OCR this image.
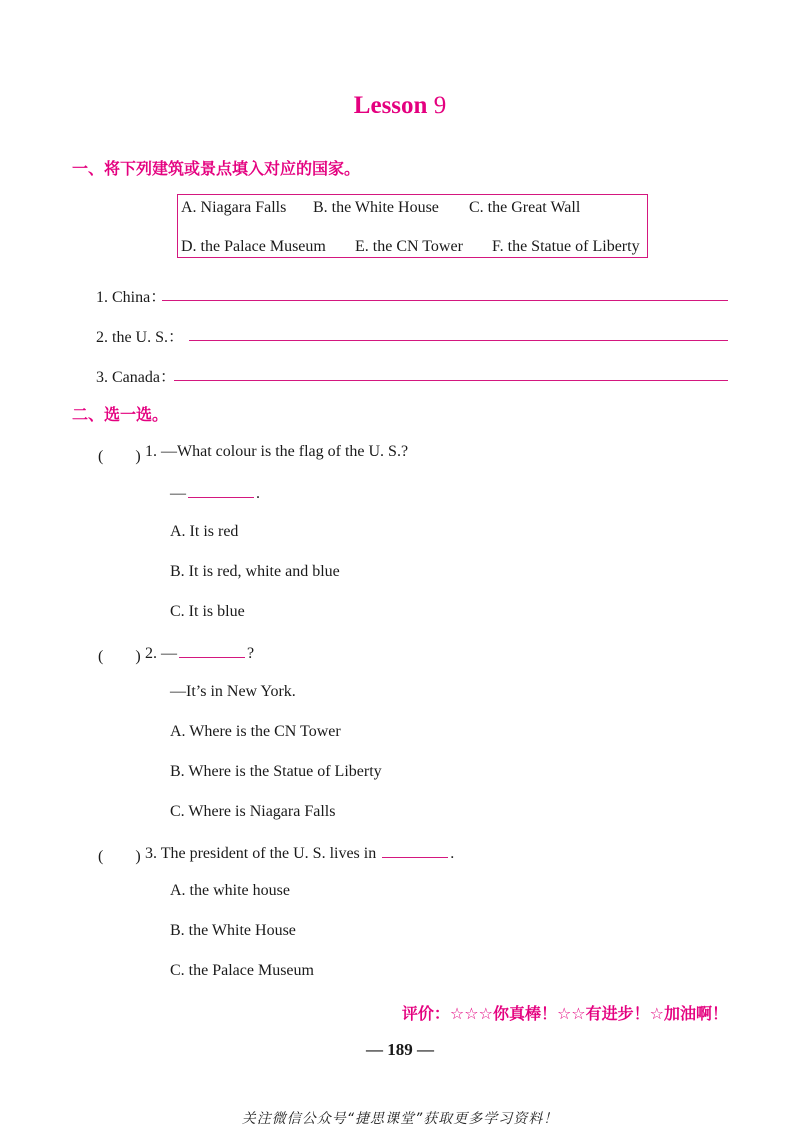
Lesson 9
一、将下列建筑或景点填入对应的国家。
A. Niagara Falls B. the White House C. the Great Wall
D. the Palace Museum E. the CN Tower F. the Statue of Liberty
1. China：
2. the U. S.：
3. Canada：
二、选一选。
(　　) 1. —What colour is the flag of the U. S.?
—	.
A. It is red
B. It is red, white and blue
C. It is blue
(　　) 2. —	?
—It’s in New York.
A. Where is the CN Tower
B. Where is the Statue of Liberty
C. Where is Niagara Falls
(　　) 3. The president of the U. S. lives in	.
A. the white house
B. the White House
C. the Palace Museum
评价：☆☆☆你真棒！☆☆有进步！☆加油啊！
— 189 —
关注微信公众号“捷思课堂”获取更多学习资料！
